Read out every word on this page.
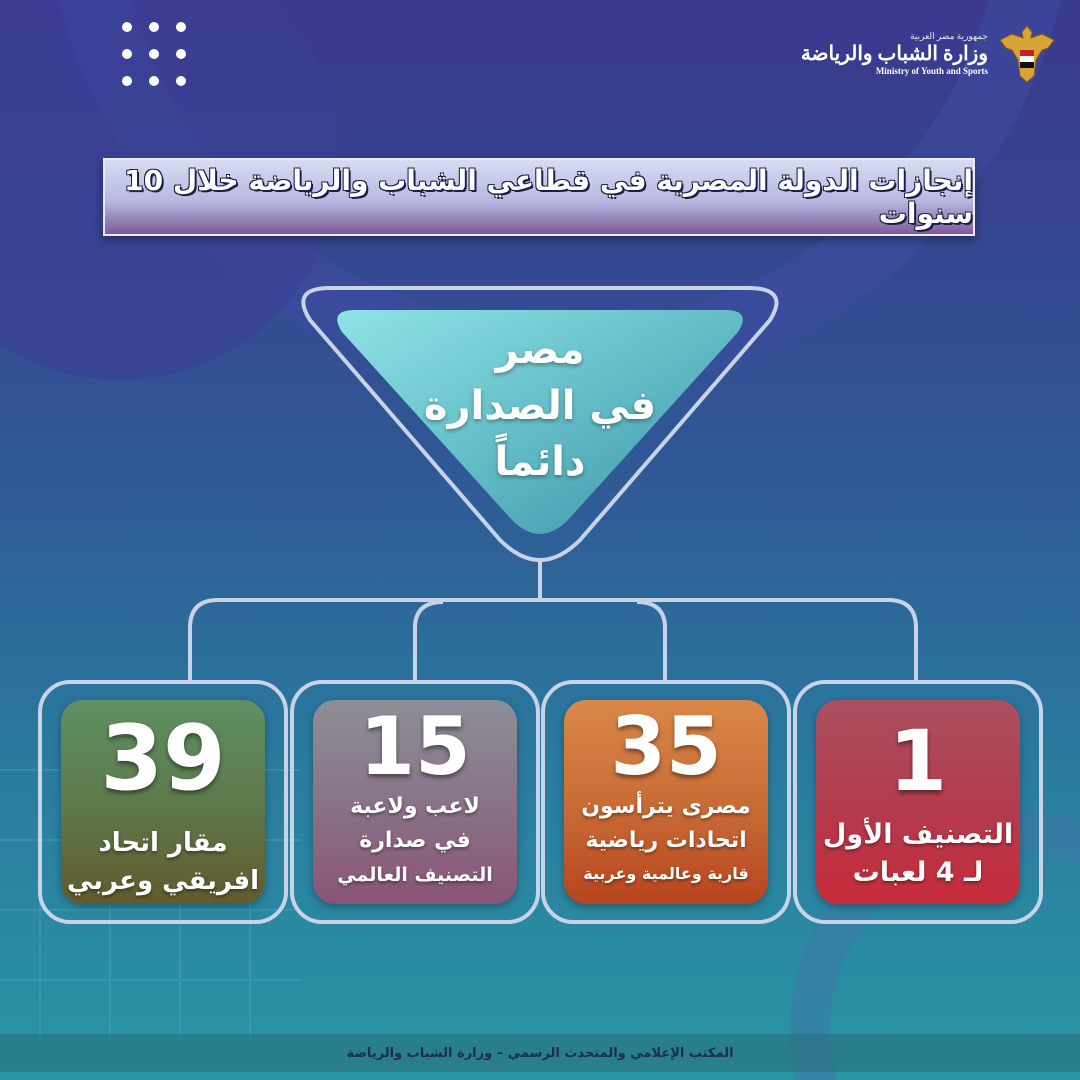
جمهورية مصر العربية
وزارة الشباب والرياضة
Ministry of Youth and Sports
إنجازات الدولة المصرية في قطاعي الشباب والرياضة خلال 10 سنوات
مصر
في الصدارة
دائماً
1
التصنيف الأول
لـ 4 لعبات
35
مصرى يترأسون
اتحادات رياضية
قارية وعالمية وعربية
15
لاعب ولاعبة
في صدارة
التصنيف العالمي
39
مقار اتحاد
افريقي وعربي
المكتب الإعلامي والمتحدث الرسمي – وزارة الشباب والرياضة
